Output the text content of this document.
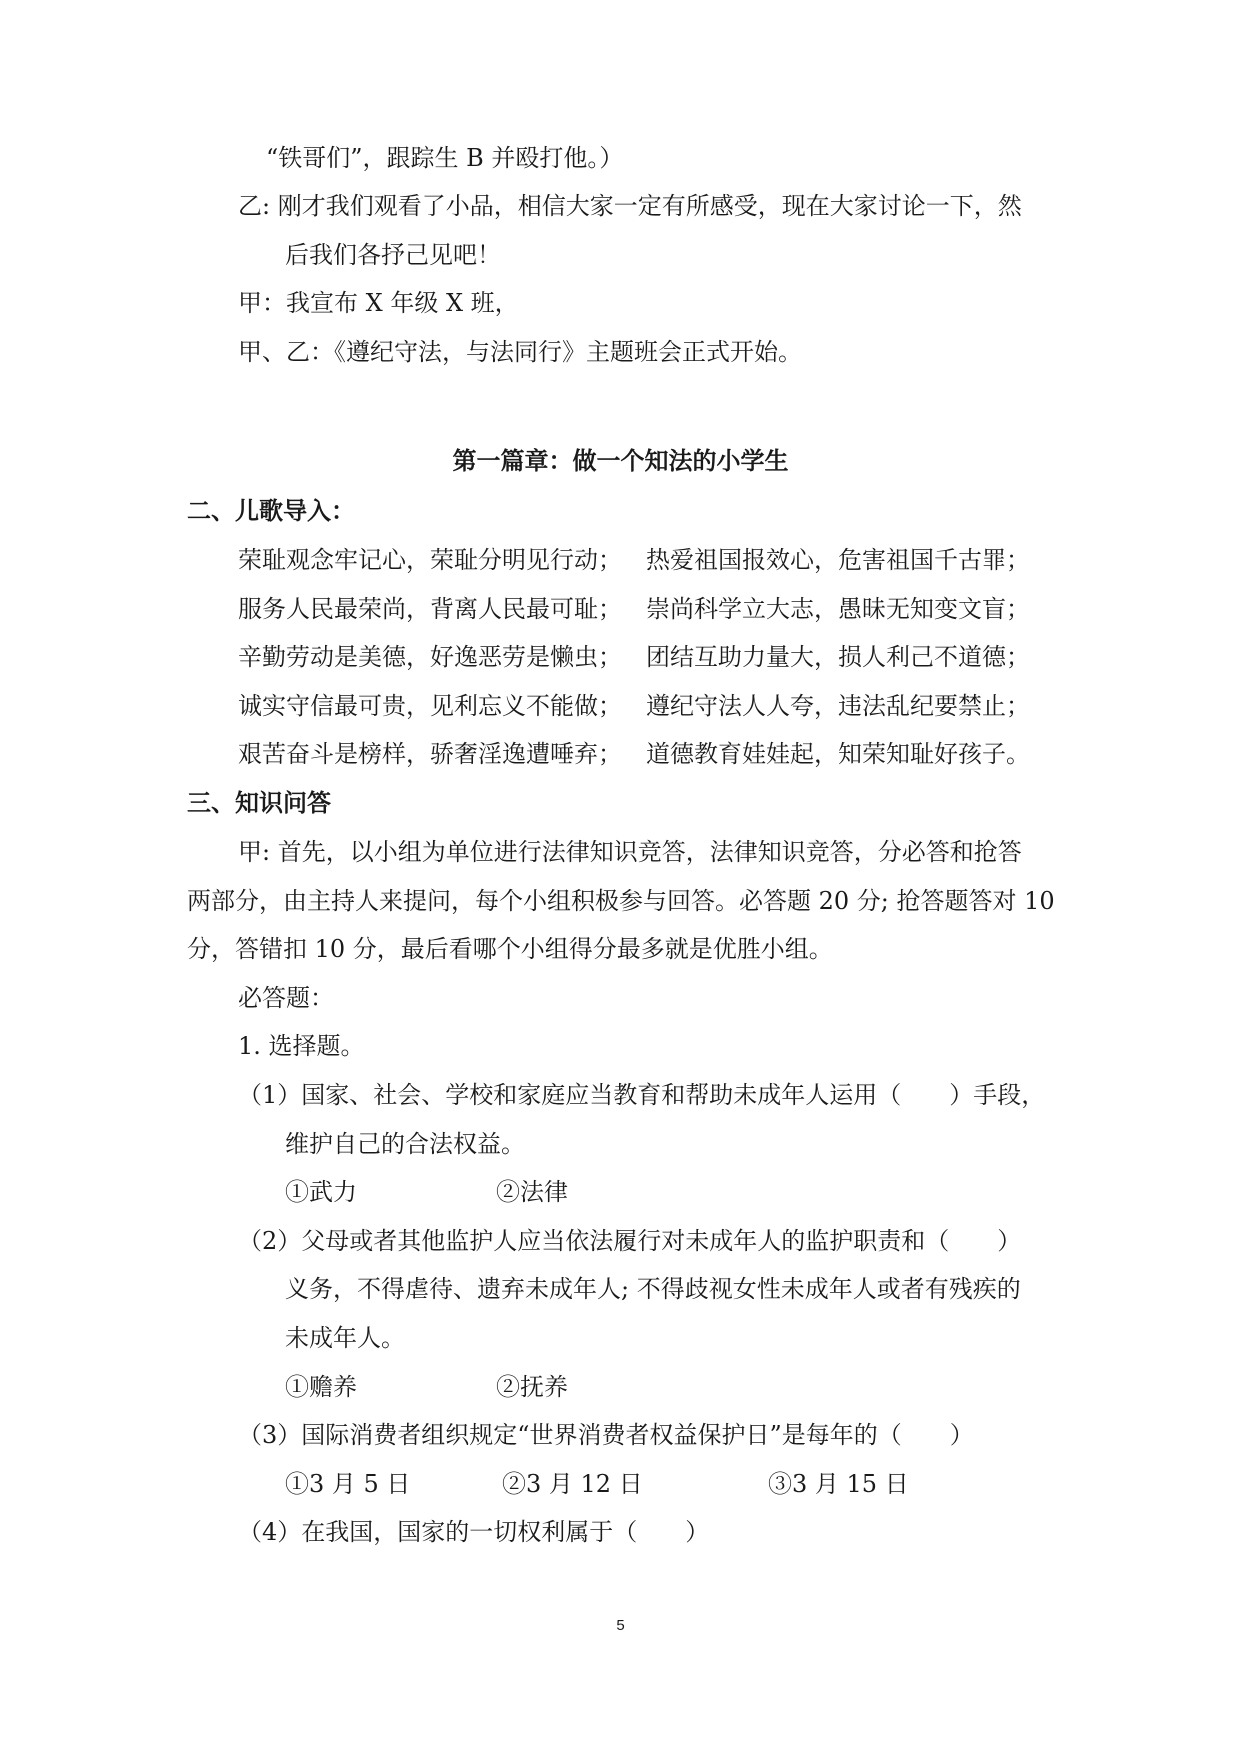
“铁哥们”，跟踪生 B 并殴打他。）
乙: 刚才我们观看了小品，相信大家一定有所感受，现在大家讨论一下，然
后我们各抒己见吧！
甲：我宣布 X 年级 X 班，
甲、乙：《遵纪守法，与法同行》主题班会正式开始。
第一篇章：做一个知法的小学生
二、儿歌导入：
荣耻观念牢记心，荣耻分明见行动； 热爱祖国报效心，危害祖国千古罪；
服务人民最荣尚，背离人民最可耻； 崇尚科学立大志，愚昧无知变文盲；
辛勤劳动是美德，好逸恶劳是懒虫； 团结互助力量大，损人利己不道德；
诚实守信最可贵，见利忘义不能做； 遵纪守法人人夸，违法乱纪要禁止；
艰苦奋斗是榜样，骄奢淫逸遭唾弃； 道德教育娃娃起，知荣知耻好孩子。
三、知识问答
甲: 首先，以小组为单位进行法律知识竞答，法律知识竞答，分必答和抢答
两部分，由主持人来提问，每个小组积极参与回答。必答题 20 分; 抢答题答对 10
分，答错扣 10 分，最后看哪个小组得分最多就是优胜小组。
必答题：
1. 选择题。
（1）国家、社会、学校和家庭应当教育和帮助未成年人运用（　　）手段，
维护自己的合法权益。
①武力	②法律
（2）父母或者其他监护人应当依法履行对未成年人的监护职责和（　　）
义务，不得虐待、遗弃未成年人; 不得歧视女性未成年人或者有残疾的
未成年人。
①赡养	②抚养
（3）国际消费者组织规定“世界消费者权益保护日”是每年的（　　）
①3 月 5 日	②3 月 12 日	③3 月 15 日
（4）在我国，国家的一切权利属于（　　）
5
